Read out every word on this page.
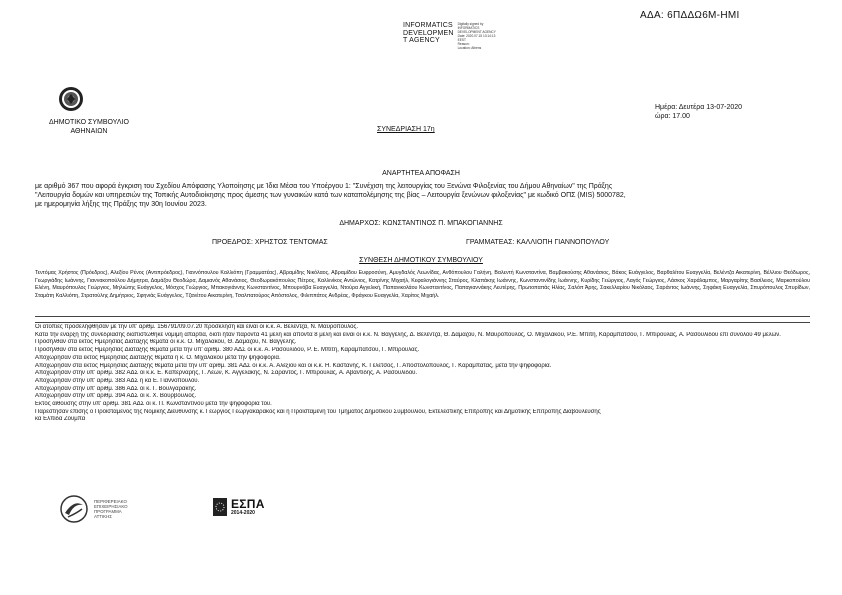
ΑΔΑ: 6ΠΔΔΩ6Μ-ΗΜΙ
INFORMATICS
DEVELOPMEN
T AGENCY
Digitally signed by
INFORMATICS
DEVELOPMENT AGENCY
Date: 2020.07.15 13:14:13
EEST
Reason:
Location: Athens
ΔΗΜΟΤΙΚΟ ΣΥΜΒΟΥΛΙΟ
ΑΘΗΝΑΙΩΝ
Ημέρα: Δευτέρα 13-07-2020
ώρα: 17.00
ΣΥΝΕΔΡΙΑΣΗ 17η
ΑΝΑΡΤΗΤΕΑ ΑΠΟΦΑΣΗ
με αριθμό 367 που αφορά έγκριση του Σχεδίου Απόφασης Υλοποίησης με Ίδια Μέσα του Υποέργου 1: "Συνέχιση της λειτουργίας του Ξενώνα Φιλοξενίας του Δήμου Αθηναίων" της Πράξης
"Λειτουργία δομών και υπηρεσιών της Τοπικής Αυτοδιοίκησης προς άμεσης των γυναικών κατά των καταπολέμησης της βίας – Λειτουργία ξενώνων φιλοξενίας" με κωδικό ΟΠΣ (MIS) 5000782,
με ημερομηνία λήξης της Πράξης την 30η Ιουνίου 2023.
ΔΗΜΑΡΧΟΣ: ΚΩΝΣΤΑΝΤΙΝΟΣ Π. ΜΠΑΚΟΓΙΑΝΝΗΣ
ΠΡΟΕΔΡΟΣ: ΧΡΗΣΤΟΣ ΤΕΝΤΟΜΑΣ	ΓΡΑΜΜΑΤΕΑΣ: ΚΑΛΛΙΟΠΗ ΓΙΑΝΝΟΠΟΥΛΟΥ
ΣΥΝΘΕΣΗ ΔΗΜΟΤΙΚΟΥ ΣΥΜΒΟΥΛΙΟΥ
Τεντόμας Χρήστος (Πρόεδρος), Αλεξίου Ρένος (Αντιπρόεδρος), Γιαννόπουλου Καλλιόπη (Γραμματέας), Αβραμίδης Νικόλαος, Αβραμίδου Ευφροσύνη, Αμυγδαλός Λεωνίδας, Ανθόπουλου Γαλήνη, Βαλεντή Κωνσταντίνα, Βαμβακούσης Αθανάσιος, Βάκος Ευάγγελος, Βαρθαλίτου Ευαγγελία, Βελέντζα Αικατερίνη, Βέλλιου Θεόδωρος, Γεωργιάδης Ιωάννης, Γιαννακοπούλου Δήμητρα, Δαμάζου Θεοδώρα, Δαμιανός Αθανάσιος, Θεοδωρακόπουλος Πέτρος, Καλλινίκος Αντώνιος, Κατρίνης Μιχαήλ, Κεφαλογιάννης Σταύρος, Κλαπάκης Ιωάννης, Κωνσταντινίδης Ιωάννης, Κυρίδης Γεώργιος, Λαγός Γεώργιος, Λάσκος Χαράλαμπος, Μαργαρίτης Βασίλειος, Μαρκοπούλου Ελένη, Μαυρόπουλος Γεώργιος, Μηλιώτης Ευάγγελος, Μόσχος Γεώργιος, Μπακογιάννης Κωνσταντίνος, Μπουρνόβα Ευαγγελία, Ντούρα Αγγελική, Παπανικολάου Κωνσταντίνος, Παπαγιαννάκης Λευτέρης, Πρωτοπαπάς Ηλίας, Σαλόπ Άρης, Σακελλαρίου Νικόλαος, Σαράντος Ιωάννης, Σηφάκη Ευαγγελία, Σπυρόπουλος Σπυρίδων, Σταμάτη Καλλιόπη, Στρατούλης Δημήτριος, Σφηνιάς Ευάγγελος, Τζανέτου Αικατερίνη, Τσαλπατούρος Απόστολος, Φιλιππάτος Ανδρέας, Φράγκου Ευαγγελία, Χαρίτος Μιχαήλ.
Οι ατόπιες προσελήφθησαν με την υπ' αριθμ. 156791/09.07.20 πρόσκληση και είναι οι κ.κ. Α. Βελέντζα, Ν. Μαυρόπουλος.
Κατά την ενάρξη της συνεδρίασης διαπιστώθηκε νόμιμη απαρτία, διότι ήταν παρόντα 41 μέλη και απόντα 8 μέλη και είναι οι κ.κ. Ν. Βαγγέλης, Δ. Βελέντζα, Θ. Δαμάζου, Ν. Μαυρόπουλος, Ο. Μιχαλάκου, Ρ.Ε. Μπίτη, Καραμπάτσου, Γ. Μπιρούλας, Α. Ρασουλίδου επί συνόλου 49 μελών.
Προσήλθαν στα εκτός Ημερησίας Διάταξης θέματα οι κ.κ. Ο. Μιχαλάκου, Θ. Δαμάζου, Ν. Βαγγέλης.
Προσήλθαν στα εκτός Ημερησίας Διάταξης θέματα μετά την υπ' αριθμ. 380 ΑΔΣ οι κ.κ. Α. Ρασουλίδου, Ρ. Ε. Μπίτη, Καραμπάτσου, Γ. Μπιρούλας.
Αποχώρησαν στα εκτός Ημερησίας Διάταξης θέματα η κ. Ο. Μιχαλάκου μετά την ψηφοφορία.
Αποχώρησαν στα εκτός Ημερησίας Διάταξης θέματα μετά την υπ' αριθμ. 381 ΑΔΣ οι κ.κ. Α. Αλεξίου και οι κ.κ. Η. Καστάνης, Κ. Γελέτσος, Γ. Αποστολόπουλος, Γ. Καραμπατάς, μετά την ψηφοφορία.
Αποχώρησαν στην υπ' αριθμ. 382 ΑΔΣ οι κ.κ. Ε. Καπερνάρης, Γ. Λέων, Κ. Αγγελάκης, Ν. Σαράντος, Γ. Μπιρούλας, Α. Αβαντίδης, Α. Ρασουλίδου.
Αποχώρησαν στην υπ' αριθμ. 383 ΑΔΣ η κα Ε. Γιαννοπούλου.
Αποχώρησαν στην υπ' αριθμ. 386 ΑΔΣ οι κ. Γ. Βουλγαράκης.
Αποχώρησαν στην υπ' αριθμ. 394 ΑΔΣ οι κ. Χ. Βουρβούλιος.
Εκτός αιθούσης στην υπ' αριθμ. 381 ΑΔΣ οι κ. Π. Κωνσταντίνου μετά την ψηφοφορία του.
Παρέστησαν επίσης ο Προϊστάμενος της Νομικής Διεύθυνσης κ. Γεώργιος Γεωργακαράκος και η Προϊσταμένη του Τμήματος Δημοτικού Συμβουλίου, Εκτελεστικής Επιτροπής και Δημοτικής Επιτροπής Διαβούλευσης
κα Ελπίδα Ζούμπα
ΠΕΡΙΦΕΡΕΙΑΚΟ
ΕΠΙΧΕΙΡΗΣΙΑΚΟ
ΠΡΟΓΡΑΜΜΑ
ΑΤΤΙΚΗΣ
ΕΣΠΑ
2014-2020
